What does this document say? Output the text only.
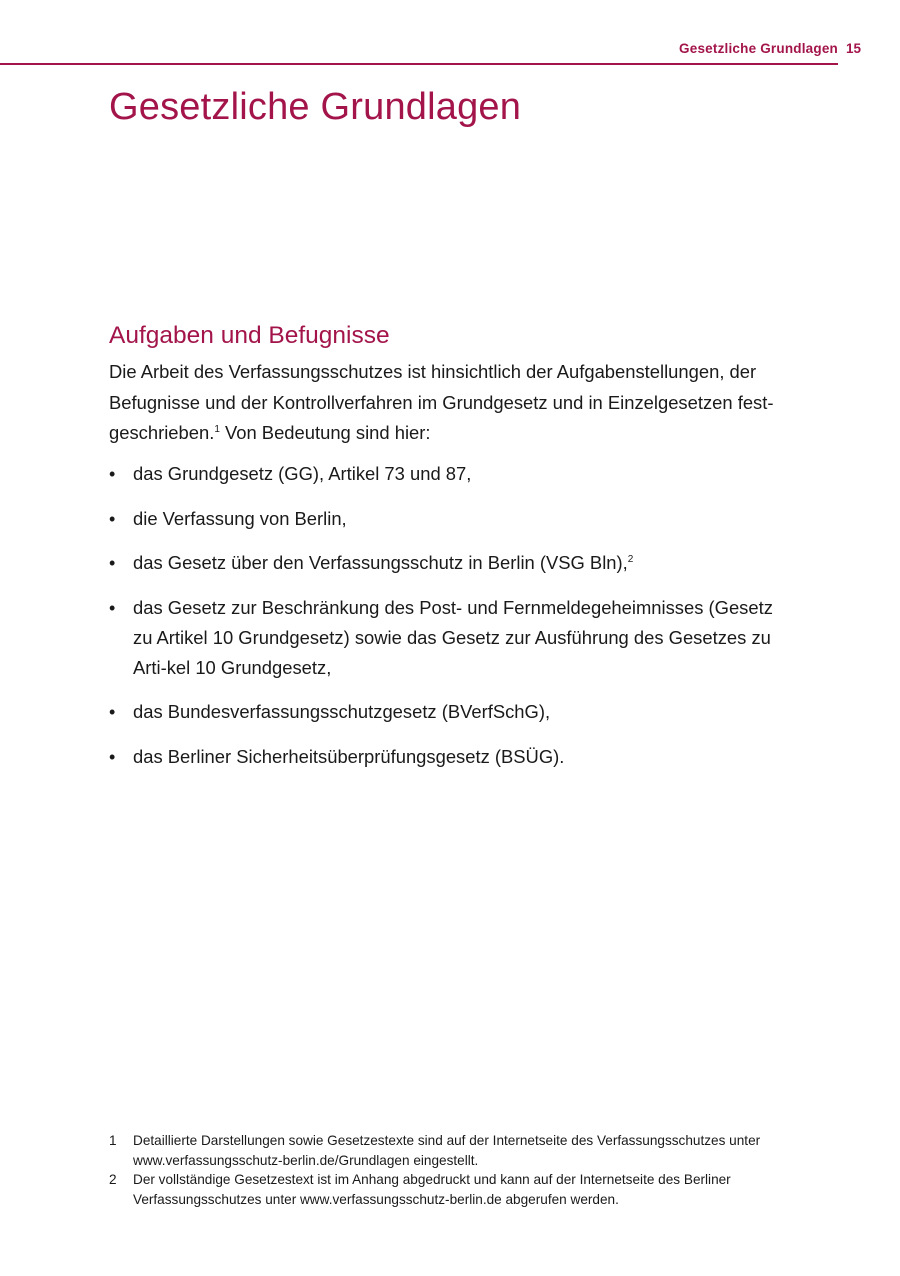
Gesetzliche Grundlagen 15
Gesetzliche Grundlagen
Aufgaben und Befugnisse

Die Arbeit des Verfassungsschutzes ist hinsichtlich der Aufgabenstellungen, der Befugnisse und der Kontrollverfahren im Grundgesetz und in Einzelgesetzen fest-geschrieben.$^1$ Von Bedeutung sind hier:

• das Grundgesetz (GG), Artikel 73 und 87,
• die Verfassung von Berlin,
• das Gesetz über den Verfassungsschutz in Berlin (VSG Bln),$^2$
• das Gesetz zur Beschränkung des Post- und Fernmeldegeheimnisses (Gesetz zu Artikel 10 Grundgesetz) sowie das Gesetz zur Ausführung des Gesetzes zu Arti-kel 10 Grundgesetz,
• das Bundesverfassungsschutzgesetz (BVerfSchG),
• das Berliner Sicherheitsüberprüfungsgesetz (BSÜG).
1 Detaillierte Darstellungen sowie Gesetzestexte sind auf der Internetseite des Verfassungsschutzes unter www.verfassungsschutz-berlin.de/Grundlagen eingestellt.
2 Der vollständige Gesetzestext ist im Anhang abgedruckt und kann auf der Internetseite des Berliner Verfassungsschutzes unter www.verfassungsschutz-berlin.de abgerufen werden.
